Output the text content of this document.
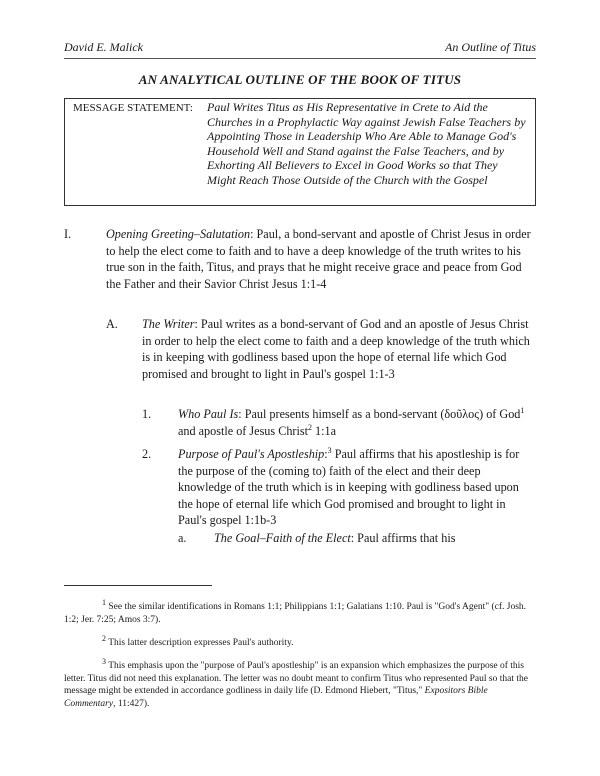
David E. Malick	An Outline of Titus
AN ANALYTICAL OUTLINE OF THE BOOK OF TITUS
MESSAGE STATEMENT: Paul Writes Titus as His Representative in Crete to Aid the Churches in a Prophylactic Way against Jewish False Teachers by Appointing Those in Leadership Who Are Able to Manage God's Household Well and Stand against the False Teachers, and by Exhorting All Believers to Excel in Good Works so that They Might Reach Those Outside of the Church with the Gospel
I.	Opening Greeting–Salutation: Paul, a bond-servant and apostle of Christ Jesus in order to help the elect come to faith and to have a deep knowledge of the truth writes to his true son in the faith, Titus, and prays that he might receive grace and peace from God the Father and their Savior Christ Jesus 1:1-4
A. The Writer: Paul writes as a bond-servant of God and an apostle of Jesus Christ in order to help the elect come to faith and a deep knowledge of the truth which is in keeping with godliness based upon the hope of eternal life which God promised and brought to light in Paul's gospel 1:1-3
1. Who Paul Is: Paul presents himself as a bond-servant (δοῦλος) of God$^1$ and apostle of Jesus Christ$^2$ 1:1a
2. Purpose of Paul's Apostleship:$^3$ Paul affirms that his apostleship is for the purpose of the (coming to) faith of the elect and their deep knowledge of the truth which is in keeping with godliness based upon the hope of eternal life which God promised and brought to light in Paul's gospel 1:1b-3
a. The Goal–Faith of the Elect: Paul affirms that his
$^1$ See the similar identifications in Romans 1:1; Philippians 1:1; Galatians 1:10. Paul is "God's Agent" (cf. Josh. 1:2; Jer. 7:25; Amos 3:7).
$^2$ This latter description expresses Paul's authority.
$^3$ This emphasis upon the "purpose of Paul's apostleship" is an expansion which emphasizes the purpose of this letter. Titus did not need this explanation. The letter was no doubt meant to confirm Titus who represented Paul so that the message might be extended in accordance godliness in daily life (D. Edmond Hiebert, "Titus," Expositors Bible Commentary, 11:427).
